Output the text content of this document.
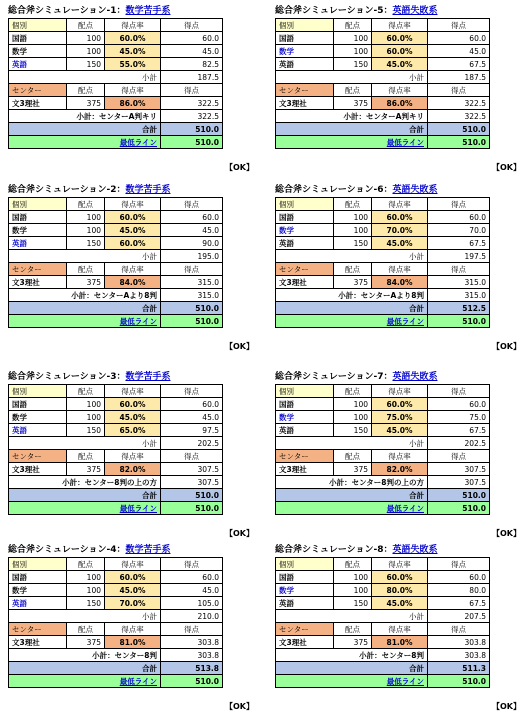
総合斧シミュレーション-1：数学苦手系
個別	配点	得点率	得点
国語	100	60.0%	60.0
数学	100	45.0%	45.0
英語	150	55.0%	82.5
小計			187.5
センター	配点	得点率	得点
文3理社	375	86.0%	322.5
小計：センターA判キリ			322.5
合計			510.0
最低ライン			510.0
【OK】
総合斧シミュレーション-5：英語失敗系
個別	配点	得点率	得点
国語	100	60.0%	60.0
数学	100	60.0%	45.0
英語	150	45.0%	67.5
小計			187.5
センター	配点	得点率	得点
文3理社	375	86.0%	322.5
小計：センターA判キリ			322.5
合計			510.0
最低ライン			510.0
【OK】
総合斧シミュレーション-2：数学苦手系
個別	配点	得点率	得点
国語	100	60.0%	60.0
数学	100	45.0%	45.0
英語	150	60.0%	90.0
小計			195.0
センター	配点	得点率	得点
文3理社	375	84.0%	315.0
小計：センターAより8判			315.0
合計			510.0
最低ライン			510.0
【OK】
総合斧シミュレーション-6：英語失敗系
個別	配点	得点率	得点
国語	100	60.0%	60.0
数学	100	70.0%	70.0
英語	150	45.0%	67.5
小計			197.5
センター	配点	得点率	得点
文3理社	375	84.0%	315.0
小計：センターAより8判			315.0
合計			512.5
最低ライン			510.0
【OK】
総合斧シミュレーション-3：数学苦手系
個別	配点	得点率	得点
国語	100	60.0%	60.0
数学	100	45.0%	45.0
英語	150	65.0%	97.5
小計			202.5
センター	配点	得点率	得点
文3理社	375	82.0%	307.5
小計：センター8判の上の方			307.5
合計			510.0
最低ライン			510.0
【OK】
総合斧シミュレーション-7：英語失敗系
個別	配点	得点率	得点
国語	100	60.0%	60.0
数学	100	75.0%	75.0
英語	150	45.0%	67.5
小計			202.5
センター	配点	得点率	得点
文3理社	375	82.0%	307.5
小計：センター8判の上の方			307.5
合計			510.0
最低ライン			510.0
【OK】
総合斧シミュレーション-4：数学苦手系
個別	配点	得点率	得点
国語	100	60.0%	60.0
数学	100	45.0%	45.0
英語	150	70.0%	105.0
小計			210.0
センター	配点	得点率	得点
文3理社	375	81.0%	303.8
小計：センター8判			303.8
合計			513.8
最低ライン			510.0
【OK】
総合斧シミュレーション-8：英語失敗系
個別	配点	得点率	得点
国語	100	60.0%	60.0
数学	100	80.0%	80.0
英語	150	45.0%	67.5
小計			207.5
センター	配点	得点率	得点
文3理社	375	81.0%	303.8
小計：センター8判			303.8
合計			511.3
最低ライン			510.0
【OK】
